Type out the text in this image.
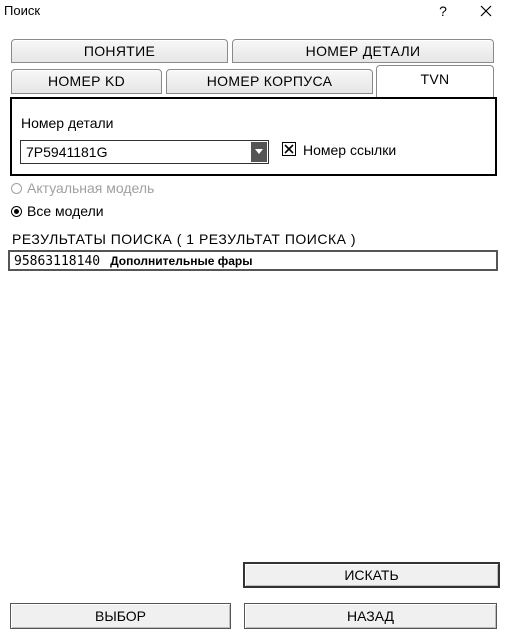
Поиск	?
ПОНЯТИЕ	НОМЕР ДЕТАЛИ
НОМЕР KD	НОМЕР КОРПУСА	TVN
Номер детали
7P5941181G	Номер ссылки
Актуальная модель
Все модели
РЕЗУЛЬТАТЫ ПОИСКА ( 1 РЕЗУЛЬТАТ ПОИСКА )
95863118140 Дополнительные фары
ИСКАТЬ
ВЫБОР	НАЗАД
